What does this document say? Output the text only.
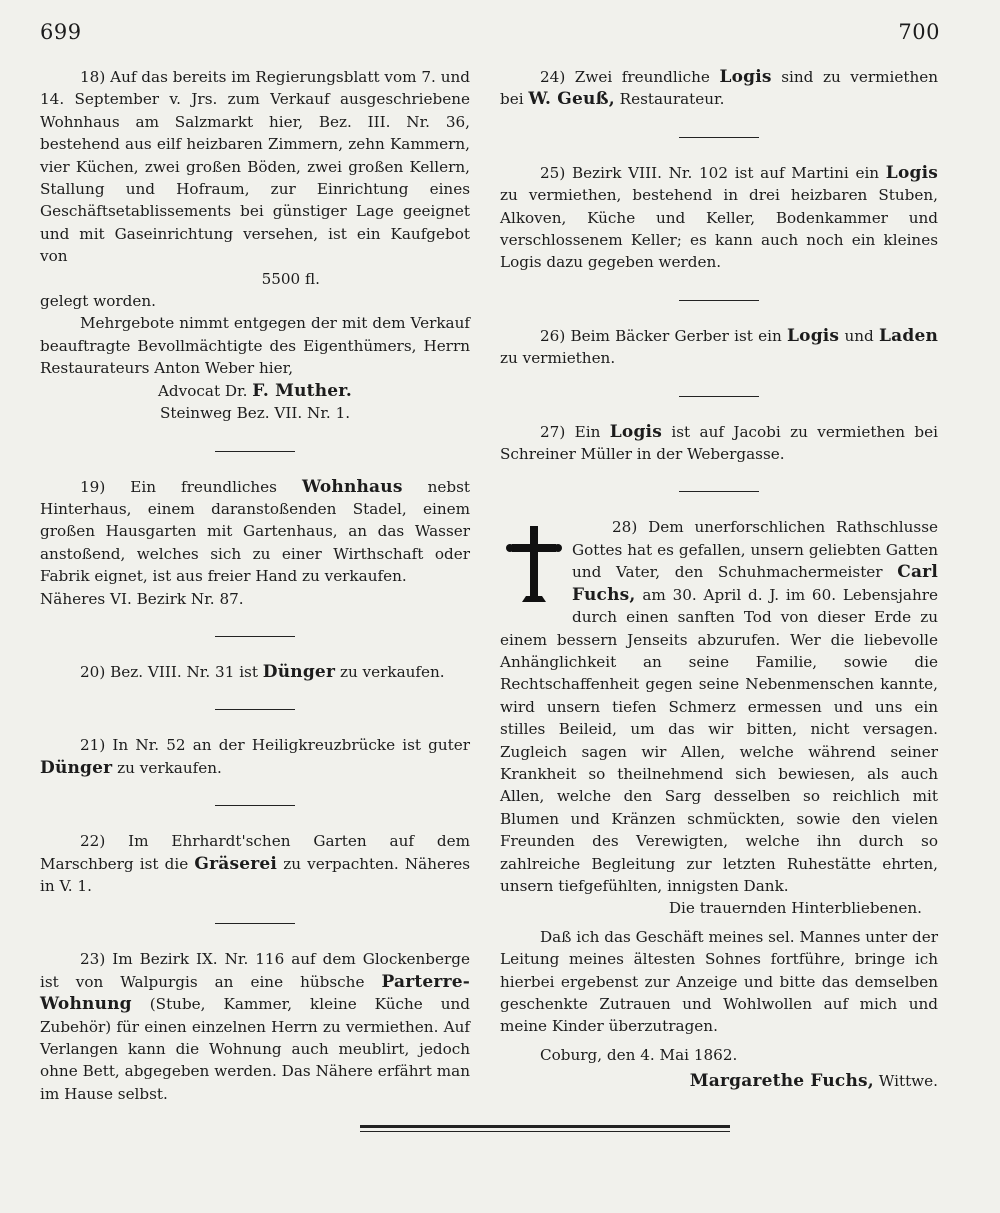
699	700

18) Auf das bereits im Regierungsblatt vom 7. und 14. September v. Jrs. zum Verkauf ausgeschriebene Wohnhaus am Salzmarkt hier, Bez. III. Nr. 36, bestehend aus eilf heizbaren Zimmern, zehn Kammern, vier Küchen, zwei großen Böden, zwei großen Kellern, Stallung und Hofraum, zur Einrichtung eines Geschäftsetablissements bei günstiger Lage geeignet und mit Gaseinrichtung versehen, ist ein Kaufgebot von

5500 fl.

gelegt worden.

Mehrgebote nimmt entgegen der mit dem Verkauf beauftragte Bevollmächtigte des Eigenthümers, Herrn Restaurateurs Anton Weber hier,

Advocat Dr. F. Muther.

Steinweg Bez. VII. Nr. 1.

19) Ein freundliches Wohnhaus nebst Hinterhaus, einem daranstoßenden Stadel, einem großen Hausgarten mit Gartenhaus, an das Wasser anstoßend, welches sich zu einer Wirthschaft oder Fabrik eignet, ist aus freier Hand zu verkaufen.

Näheres VI. Bezirk Nr. 87.

20) Bez. VIII. Nr. 31 ist Dünger zu verkaufen.

21) In Nr. 52 an der Heiligkreuzbrücke ist guter Dünger zu verkaufen.

22) Im Ehrhardt'schen Garten auf dem Marschberg ist die Gräserei zu verpachten. Näheres in V. 1.

23) Im Bezirk IX. Nr. 116 auf dem Glockenberge ist von Walpurgis an eine hübsche Parterre-Wohnung (Stube, Kammer, kleine Küche und Zubehör) für einen einzelnen Herrn zu vermiethen. Auf Verlangen kann die Wohnung auch meublirt, jedoch ohne Bett, abgegeben werden. Das Nähere erfährt man im Hause selbst.

24) Zwei freundliche Logis sind zu vermiethen bei W. Geuß, Restaurateur.

25) Bezirk VIII. Nr. 102 ist auf Martini ein Logis zu vermiethen, bestehend in drei heizbaren Stuben, Alkoven, Küche und Keller, Bodenkammer und verschlossenem Keller; es kann auch noch ein kleines Logis dazu gegeben werden.

26) Beim Bäcker Gerber ist ein Logis und Laden zu vermiethen.

27) Ein Logis ist auf Jacobi zu vermiethen bei Schreiner Müller in der Webergasse.

28) Dem unerforschlichen Rathschlusse Gottes hat es gefallen, unsern geliebten Gatten und Vater, den Schuhmachermeister Carl Fuchs, am 30. April d. J. im 60. Lebensjahre durch einen sanften Tod von dieser Erde zu einem bessern Jenseits abzurufen. Wer die liebevolle Anhänglichkeit an seine Familie, sowie die Rechtschaffenheit gegen seine Nebenmenschen kannte, wird unsern tiefen Schmerz ermessen und uns ein stilles Beileid, um das wir bitten, nicht versagen. Zugleich sagen wir Allen, welche während seiner Krankheit so theilnehmend sich bewiesen, als auch Allen, welche den Sarg desselben so reichlich mit Blumen und Kränzen schmückten, sowie den vielen Freunden des Verewigten, welche ihn durch so zahlreiche Begleitung zur letzten Ruhestätte ehrten, unsern tiefgefühlten, innigsten Dank.

Die trauernden Hinterbliebenen.

Daß ich das Geschäft meines sel. Mannes unter der Leitung meines ältesten Sohnes fortführe, bringe ich hierbei ergebenst zur Anzeige und bitte das demselben geschenkte Zutrauen und Wohlwollen auf mich und meine Kinder überzutragen.

Coburg, den 4. Mai 1862.

Margarethe Fuchs, Wittwe.
